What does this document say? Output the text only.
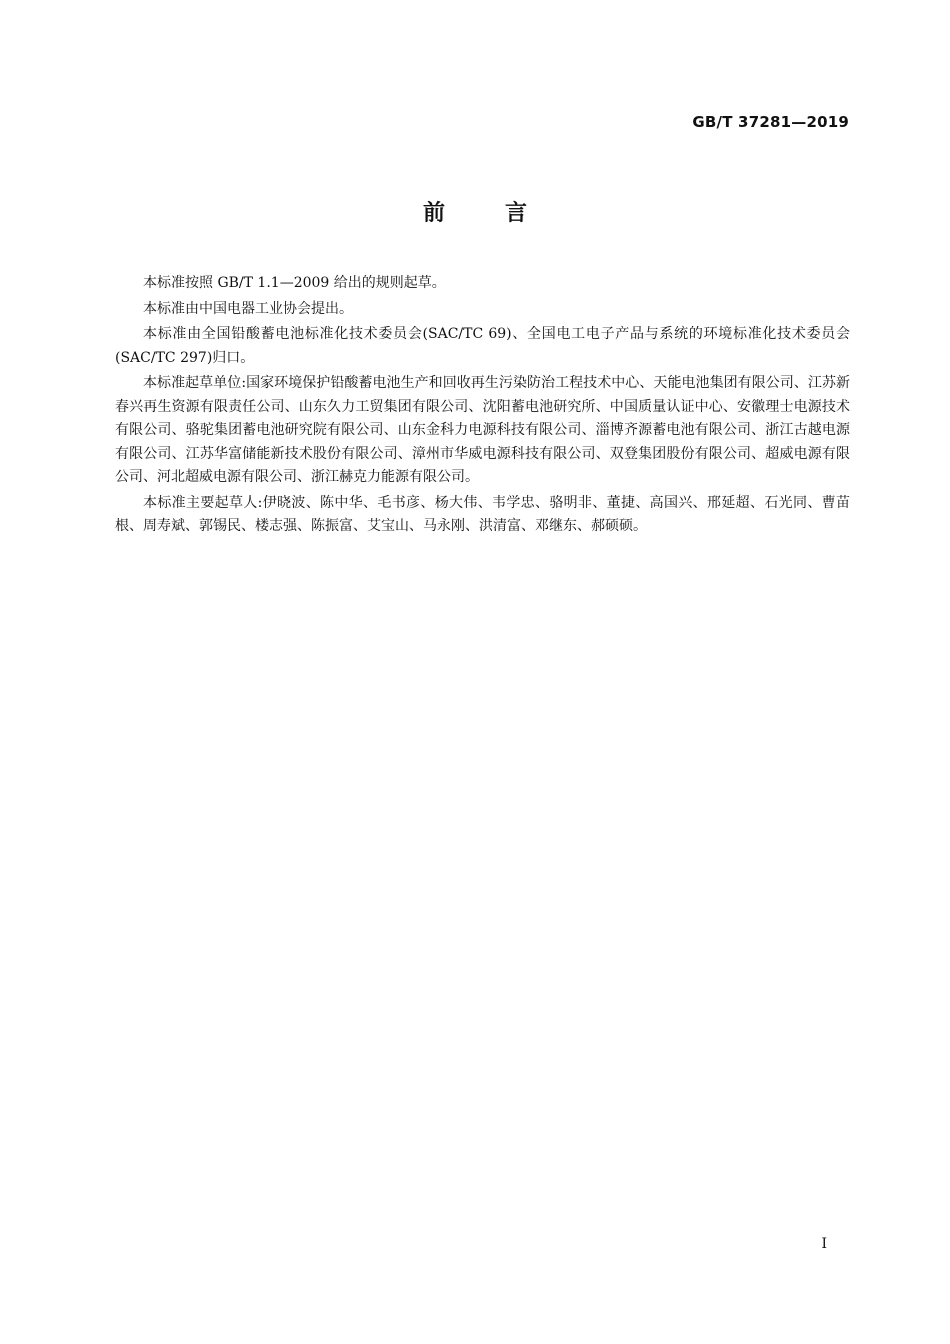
GB/T 37281—2019
前言

本标准按照 GB/T 1.1—2009 给出的规则起草。

本标准由中国电器工业协会提出。

本标准由全国铅酸蓄电池标准化技术委员会(SAC/TC 69)、全国电工电子产品与系统的环境标准化技术委员会(SAC/TC 297)归口。

本标准起草单位:国家环境保护铅酸蓄电池生产和回收再生污染防治工程技术中心、天能电池集团有限公司、江苏新春兴再生资源有限责任公司、山东久力工贸集团有限公司、沈阳蓄电池研究所、中国质量认证中心、安徽理士电源技术有限公司、骆驼集团蓄电池研究院有限公司、山东金科力电源科技有限公司、淄博齐源蓄电池有限公司、浙江古越电源有限公司、江苏华富储能新技术股份有限公司、漳州市华威电源科技有限公司、双登集团股份有限公司、超威电源有限公司、河北超威电源有限公司、浙江赫克力能源有限公司。

本标准主要起草人:伊晓波、陈中华、毛书彦、杨大伟、韦学忠、骆明非、董捷、高国兴、邢延超、石光同、曹苗根、周寿斌、郭锡民、楼志强、陈振富、艾宝山、马永刚、洪清富、邓继东、郝硕硕。

I
